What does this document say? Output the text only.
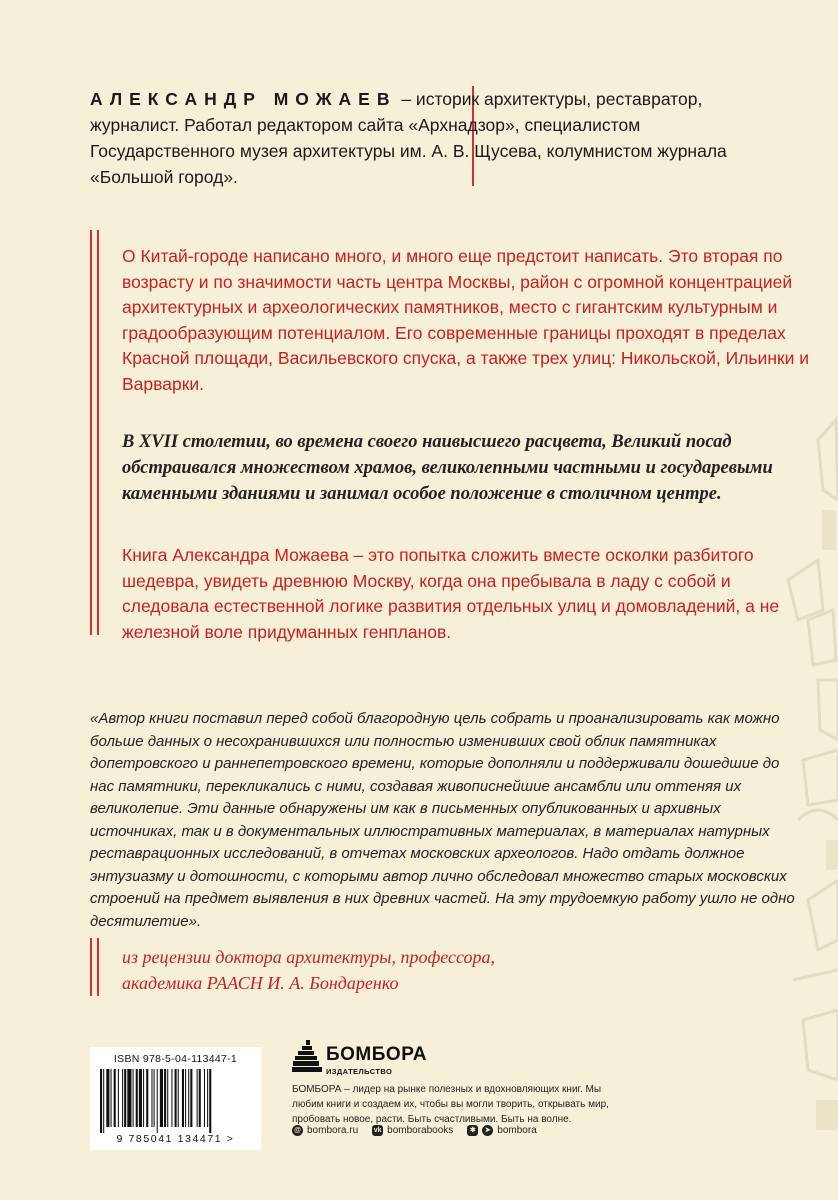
АЛЕКСАНДР МОЖАЕВ – историк архитектуры, реставратор, журналист. Работал редактором сайта «Архнадзор», специалистом Государственного музея архитектуры им. А. В. Щусева, колумнистом журнала «Большой город».
О Китай-городе написано много, и много еще предстоит написать. Это вторая по возрасту и по значимости часть центра Москвы, район с огромной концентрацией архитектурных и археологических памятников, место с гигантским культурным и градообразующим потенциалом. Его современные границы проходят в пределах Красной площади, Васильевского спуска, а также трех улиц: Никольской, Ильинки и Варварки.
В XVII столетии, во времена своего наивысшего расцвета, Великий посад обстраивался множеством храмов, великолепными частными и государевыми каменными зданиями и занимал особое положение в столичном центре.
Книга Александра Можаева – это попытка сложить вместе осколки разбитого шедевра, увидеть древнюю Москву, когда она пребывала в ладу с собой и следовала естественной логике развития отдельных улиц и домовладений, а не железной воле придуманных генпланов.
«Автор книги поставил перед собой благородную цель собрать и проанализировать как можно больше данных о несохранившихся или полностью изменивших свой облик памятниках допетровского и раннепетровского времени, которые дополняли и поддерживали дошедшие до нас памятники, перекликались с ними, создавая живописнейшие ансамбли или оттеняя их великолепие. Эти данные обнаружены им как в письменных опубликованных и архивных источниках, так и в документальных иллюстративных материалах, в материалах натурных реставрационных исследований, в отчетах московских археологов. Надо отдать должное энтузиазму и дотошности, с которыми автор лично обследовал множество старых московских строений на предмет выявления в них древних частей. На эту трудоемкую работу ушло не одно десятилетие».
из рецензии доктора архитектуры, профессора,
академика РААСН И. А. Бондаренко
ISBN 978-5-04-113447-1
9 785041 134471 >
БОМБОРА
ИЗДАТЕЛЬСТВО
БОМБОРА – лидер на рынке полезных и вдохновляющих книг. Мы любим книги и создаем их, чтобы вы могли творить, открывать мир, пробовать новое, расти. Быть счастливыми. Быть на волне.
@ bombora.ru vk bomborabooks	✱	➤ bombora
